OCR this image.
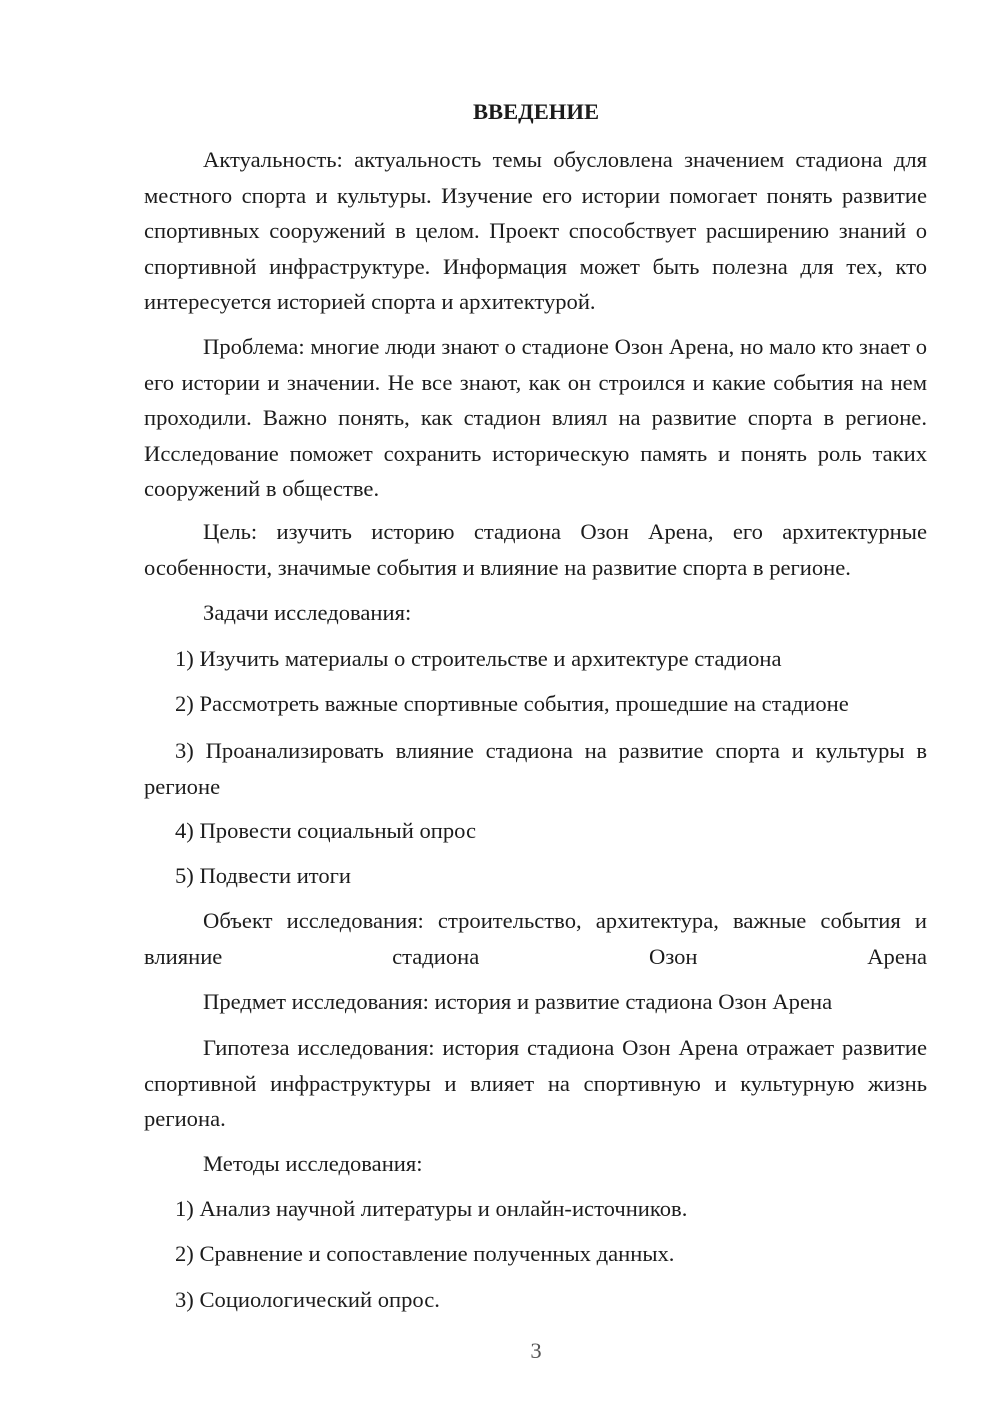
ВВЕДЕНИЕ

Актуальность: актуальность темы обусловлена значением стадиона для местного спорта и культуры. Изучение его истории помогает понять развитие спортивных сооружений в целом. Проект способствует расширению знаний о спортивной инфраструктуре. Информация может быть полезна для тех, кто интересуется историей спорта и архитектурой.

Проблема: многие люди знают о стадионе Озон Арена, но мало кто знает о его истории и значении. Не все знают, как он строился и какие события на нем проходили. Важно понять, как стадион влиял на развитие спорта в регионе. Исследование поможет сохранить историческую память и понять роль таких сооружений в обществе.

Цель: изучить историю стадиона Озон Арена, его архитектурные особенности, значимые события и влияние на развитие спорта в регионе.

Задачи исследования:

1) Изучить материалы о строительстве и архитектуре стадиона

2) Рассмотреть важные спортивные события, прошедшие на стадионе

3) Проанализировать влияние стадиона на развитие спорта и культуры в регионе

4) Провести социальный опрос

5) Подвести итоги

Объект исследования: строительство, архитектура, важные события и влияние стадиона Озон Арена

Предмет исследования: история и развитие стадиона Озон Арена

Гипотеза исследования: история стадиона Озон Арена отражает развитие спортивной инфраструктуры и влияет на спортивную и культурную жизнь региона.

Методы исследования:

1) Анализ научной литературы и онлайн-источников.

2) Сравнение и сопоставление полученных данных.

3) Социологический опрос.

3
